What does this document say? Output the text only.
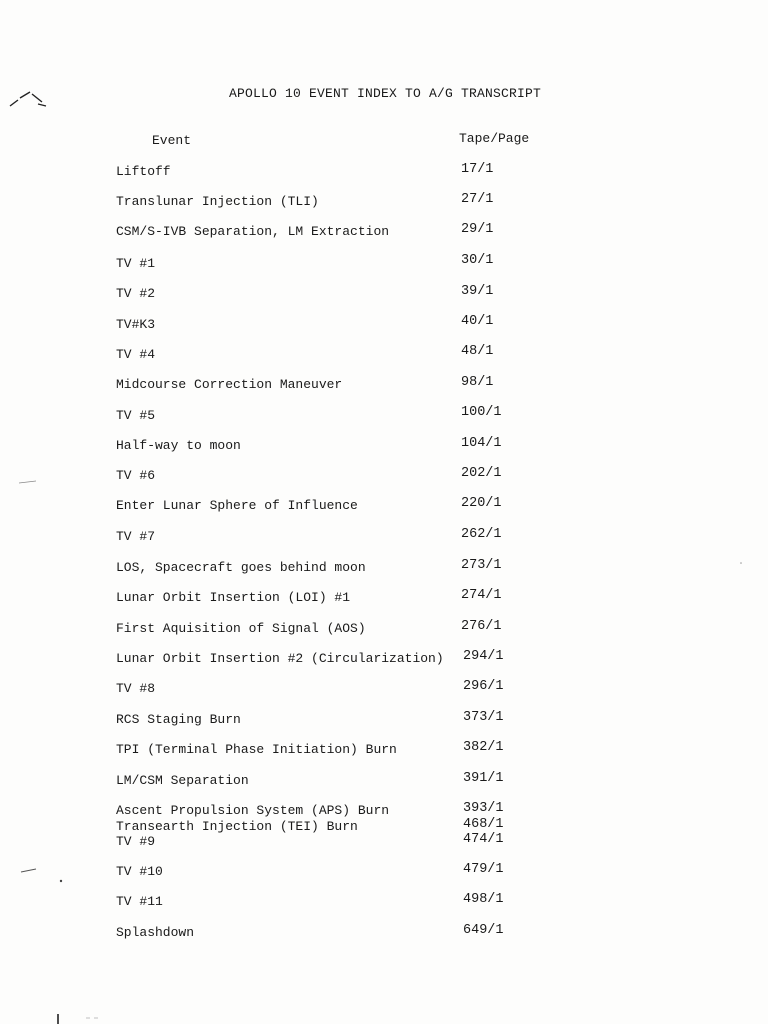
APOLLO 10 EVENT INDEX TO A/G TRANSCRIPT
Event	Tape/Page
Liftoff	17/1
Translunar Injection (TLI)	27/1
CSM/S-IVB Separation, LM Extraction	29/1
TV #1	30/1
TV #2	39/1
TV#K3	40/1
TV #4	48/1
Midcourse Correction Maneuver	98/1
TV #5	100/1
Half-way to moon	104/1
TV #6	202/1
Enter Lunar Sphere of Influence	220/1
TV #7	262/1
LOS, Spacecraft goes behind moon	273/1
Lunar Orbit Insertion (LOI) #1	274/1
First Aquisition of Signal (AOS)	276/1
Lunar Orbit Insertion #2 (Circularization) 294/1
TV #8	296/1
RCS Staging Burn	373/1
TPI (Terminal Phase Initiation) Burn	382/1
LM/CSM Separation	391/1
Ascent Propulsion System (APS) Burn	393/1
Transearth Injection (TEI) Burn	468/1
TV #9	474/1
TV #10	479/1
TV #11	498/1
Splashdown	649/1
